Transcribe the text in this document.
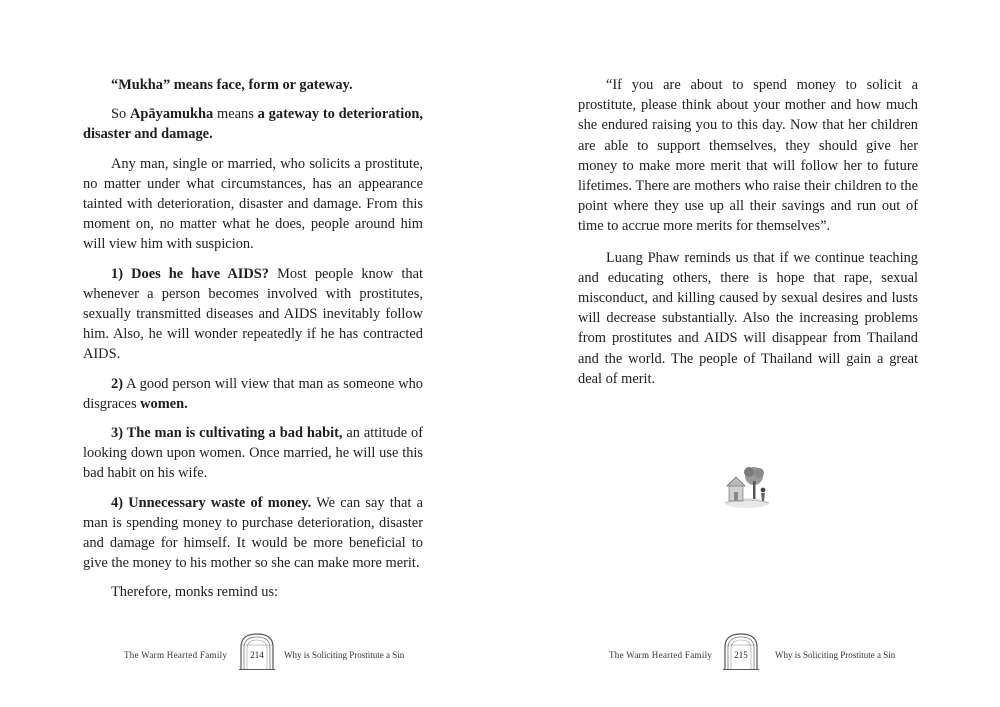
“Mukha” means face, form or gateway.

So Apāyamukha means a gateway to deterioration, disaster and damage.

Any man, single or married, who solicits a prostitute, no matter under what circumstances, has an appearance tainted with deterioration, disaster and damage. From this moment on, no matter what he does, people around him will view him with suspicion.

1) Does he have AIDS? Most people know that whenever a person becomes involved with prostitutes, sexually transmitted diseases and AIDS inevitably follow him. Also, he will wonder repeatedly if he has contracted AIDS.

2) A good person will view that man as someone who disgraces women.

3) The man is cultivating a bad habit, an attitude of looking down upon women. Once married, he will use this bad habit on his wife.

4) Unnecessary waste of money. We can say that a man is spending money to purchase deterioration, disaster and damage for himself. It would be more beneficial to give the money to his mother so she can make more merit.

Therefore, monks remind us:

The Warm Hearted Family	214	Why is Soliciting Prostitute a Sin

“If you are about to spend money to solicit a prostitute, please think about your mother and how much she endured raising you to this day. Now that her children are able to support themselves, they should give her money to make more merit that will follow her to future lifetimes. There are mothers who raise their children to the point where they use up all their savings and run out of time to accrue more merits for themselves”.

Luang Phaw reminds us that if we continue teaching and educating others, there is hope that rape, sexual misconduct, and killing caused by sexual desires and lusts will decrease substantially. Also the increasing problems from prostitutes and AIDS will disappear from Thailand and the world. The people of Thailand will gain a great deal of merit.

The Warm Hearted Family	215	Why is Soliciting Prostitute a Sin
